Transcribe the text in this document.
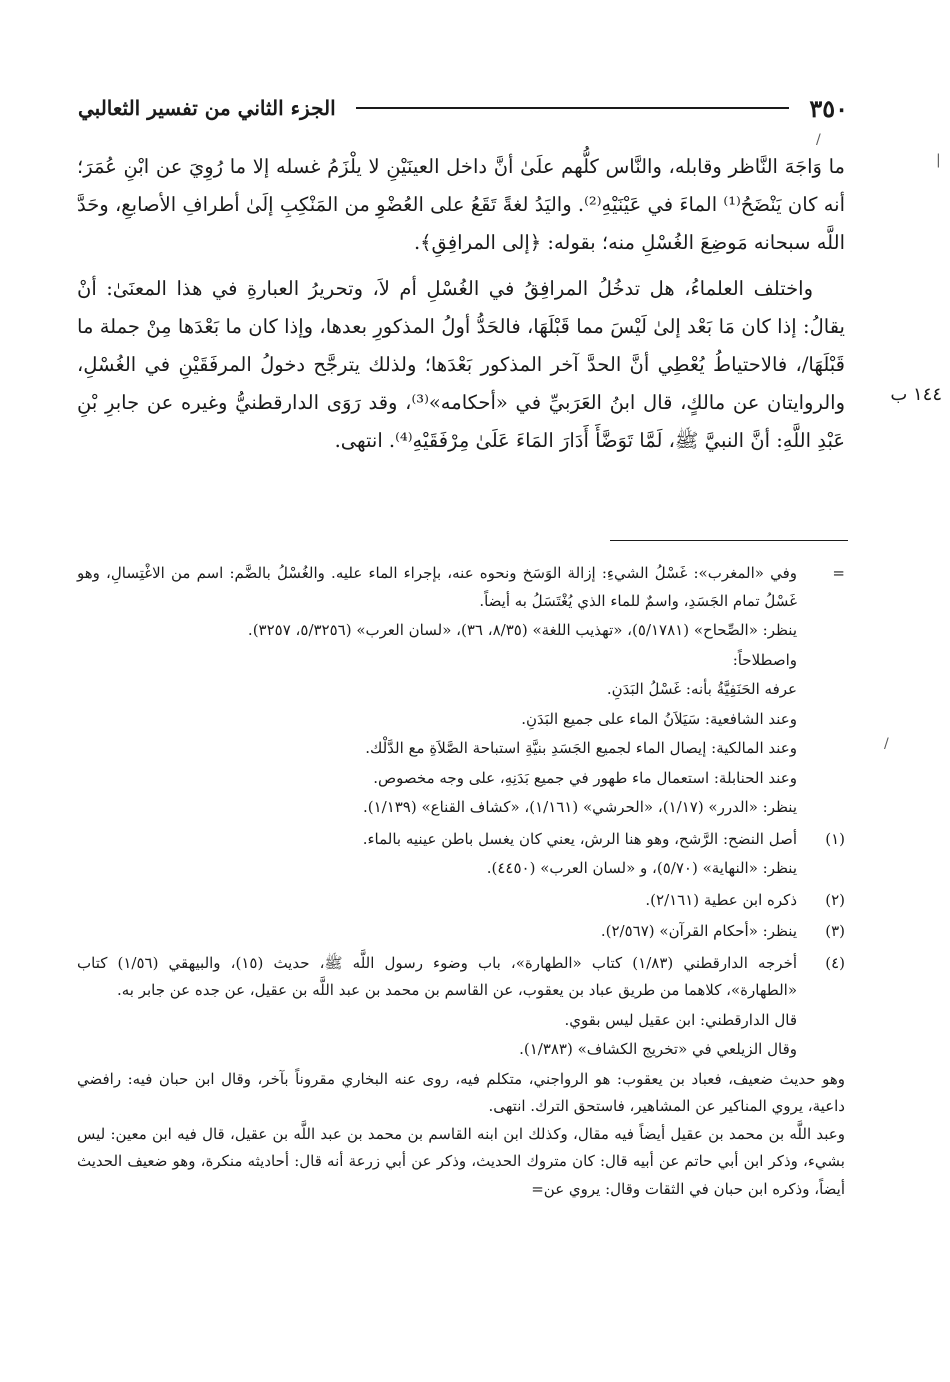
٣٥٠
الجزء الثاني من تفسير الثعالبي
/
|
/
١٤٤ ب

ما وَاجَهَ النَّاظر وقابله، والنَّاس كلُّهم علَىٰ أنَّ داخل العينَيْنِ لا يلْزَمُ غسله إلا ما رُوِيَ عن ابْنِ عُمَرَ؛ أنه كان يَنْضَحُ⁽¹⁾ الماءَ في عَيْنَيْهِ⁽²⁾. واليَدُ لغةً تَقَعُ على العُضْوِ من المَنْكِبِ إلَىٰ أطرافِ الأصابعِ، وحَدَّ اللَّه سبحانه مَوضِعَ الغُسْلِ منه؛ بقوله: ﴿إلى المرافِقِ﴾.

واختلف العلماءُ، هل تدخُلُ المرافِقُ في الغُسْلِ أم لاَ، وتحريرُ العبارةِ في هذا المعنَىٰ: أنْ يقالُ: إذا كان مَا بَعْد إلىٰ لَيْسَ مما قَبْلَهَا، فالحَدُّ أولُ المذكورِ بعدها، وإذا كان ما بَعْدَها مِنْ جملة ما قَبْلَهَا/، فالاحتياطُ يُعْطِي أنَّ الحدَّ آخر المذكور بَعْدَها؛ ولذلك يترجَّح دخولُ المرفَقَيْنِ في الغُسْلِ، والروايتان عن مالكٍ، قال ابنُ العَرَبيِّ في «أحكامه»⁽³⁾، وقد رَوَى الدارقطنيُّ وغيره عن جابرِ بْنِ عَبْدِ اللَّهِ: أنَّ النبيَّ ﷺ، لَمَّا تَوَضَّأَ أَدَارَ المَاءَ عَلَىٰ مِرْفَقَيْهِ⁽⁴⁾. انتهى.

=

وفي «المغرب»: غَسْلُ الشيءِ: إزالة الوَسَخ ونحوه عنه، بإجراء الماء عليه. والغُسْلُ بالضَّم: اسم من الاغْتِسالِ، وهو غَسْلُ تمام الجَسَدِ، واسمٌ للماء الذي يُغْتَسَلُ به أيضاً.

ينظر: «الصِّحاح» (٥/١٧٨١)، «تهذيب اللغة» (٨/٣٥، ٣٦)، «لسان العرب» (٥/٣٢٥٦، ٣٢٥٧).

واصطلاحاً:

عرفه الحَنَفِيَّةُ بأنه: غَسْلُ البَدَنِ.

وعند الشافعية: سَيَلاَنُ الماء على جميع البَدَنِ.

وعند المالكية: إيصال الماء لجميع الجَسَدِ بنيَّةِ استباحة الصَّلاَةِ مع الدَّلْك.

وعند الحنابلة: استعمال ماء طهور في جميع بَدَنِهِ، على وجه مخصوص.

ينظر: «الدرر» (١/١٧)، «الحرشي» (١/١٦١)، «كشاف القناع» (١/١٣٩).

(١)

أصل النضح: الرَّشح، وهو هنا الرش، يعني كان يغسل باطن عينيه بالماء.

ينظر: «النهاية» (٥/٧٠)، و «لسان العرب» (٤٤٥٠).

(٢)

ذكره ابن عطية (٢/١٦١).

(٣)

ينظر: «أحكام القرآن» (٢/٥٦٧).

(٤)

أخرجه الدارقطني (١/٨٣) كتاب «الطهارة»، باب وضوء رسول اللَّه ﷺ، حديث (١٥)، والبيهقي (١/٥٦) كتاب «الطهارة»، كلاهما من طريق عباد بن يعقوب، عن القاسم بن محمد بن عبد اللَّه بن عقيل، عن جده عن جابر به.

قال الدارقطني: ابن عقيل ليس بقوي.

وقال الزيلعي في «تخريج الكشاف» (١/٣٨٣).

وهو حديث ضعيف، فعباد بن يعقوب: هو الرواجني، متكلم فيه، روى عنه البخاري مقروناً بآخر، وقال ابن حبان فيه: رافضي داعية، يروي المناكير عن المشاهير، فاستحق الترك. انتهى.

وعبد اللَّه بن محمد بن عقيل أيضاً فيه مقال، وكذلك ابن ابنه القاسم بن محمد بن عبد اللَّه بن عقيل، قال فيه ابن معين: ليس بشيء، وذكر ابن أبي حاتم عن أبيه قال: كان متروك الحديث، وذكر عن أبي زرعة أنه قال: أحاديثه منكرة، وهو ضعيف الحديث أيضاً، وذكره ابن حبان في الثقات وقال: يروي عن=
